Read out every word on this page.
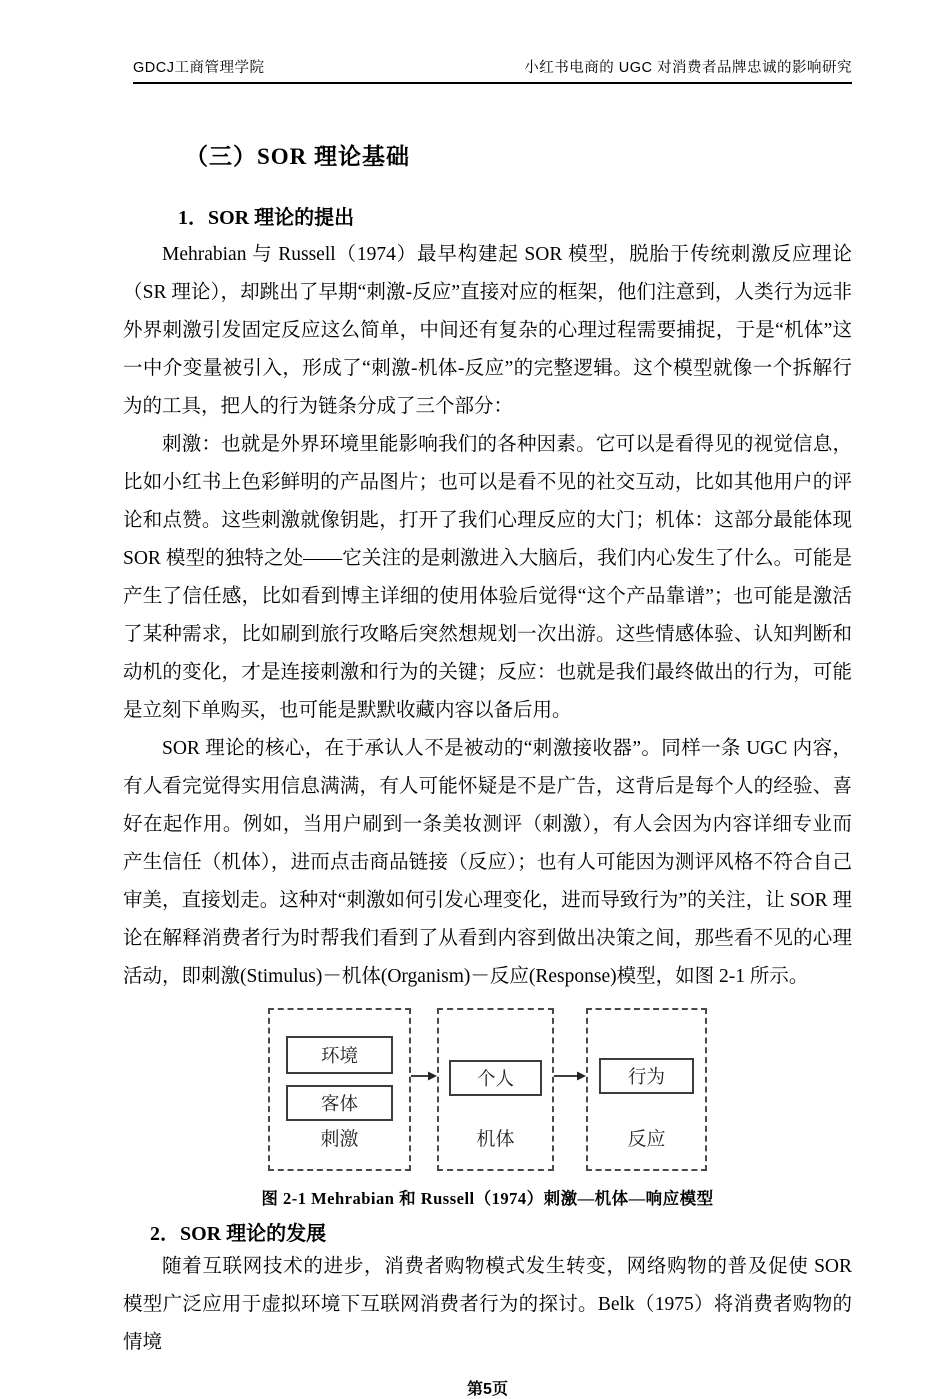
GDCJ工商管理学院	小红书电商的 UGC 对消费者品牌忠诚的影响研究
（三）SOR 理论基础
1．SOR 理论的提出

Mehrabian 与 Russell（1974）最早构建起 SOR 模型，脱胎于传统刺激反应理论（SR 理论），却跳出了早期“刺激-反应”直接对应的框架，他们注意到，人类行为远非外界刺激引发固定反应这么简单，中间还有复杂的心理过程需要捕捉，于是“机体”这一中介变量被引入，形成了“刺激-机体-反应”的完整逻辑。这个模型就像一个拆解行为的工具，把人的行为链条分成了三个部分：

刺激：也就是外界环境里能影响我们的各种因素。它可以是看得见的视觉信息，比如小红书上色彩鲜明的产品图片；也可以是看不见的社交互动，比如其他用户的评论和点赞。这些刺激就像钥匙，打开了我们心理反应的大门；机体：这部分最能体现 SOR 模型的独特之处——它关注的是刺激进入大脑后，我们内心发生了什么。可能是产生了信任感，比如看到博主详细的使用体验后觉得“这个产品靠谱”；也可能是激活了某种需求，比如刷到旅行攻略后突然想规划一次出游。这些情感体验、认知判断和动机的变化，才是连接刺激和行为的关键；反应：也就是我们最终做出的行为，可能是立刻下单购买，也可能是默默收藏内容以备后用。

SOR 理论的核心，在于承认人不是被动的“刺激接收器”。同样一条 UGC 内容，有人看完觉得实用信息满满，有人可能怀疑是不是广告，这背后是每个人的经验、喜好在起作用。例如，当用户刷到一条美妆测评（刺激），有人会因为内容详细专业而产生信任（机体），进而点击商品链接（反应）；也有人可能因为测评风格不符合自己审美，直接划走。这种对“刺激如何引发心理变化，进而导致行为”的关注，让 SOR 理论在解释消费者行为时帮我们看到了从看到内容到做出决策之间，那些看不见的心理活动，即刺激(Stimulus)－机体(Organism)－反应(Response)模型，如图 2-1 所示。

环境
客体
刺激
个人
机体
行为
反应
图 2-1 Mehrabian 和 Russell（1974）刺激—机体—响应模型
2．SOR 理论的发展

随着互联网技术的进步，消费者购物模式发生转变，网络购物的普及促使 SOR 模型广泛应用于虚拟环境下互联网消费者行为的探讨。Belk（1975）将消费者购物的情境

第5页
